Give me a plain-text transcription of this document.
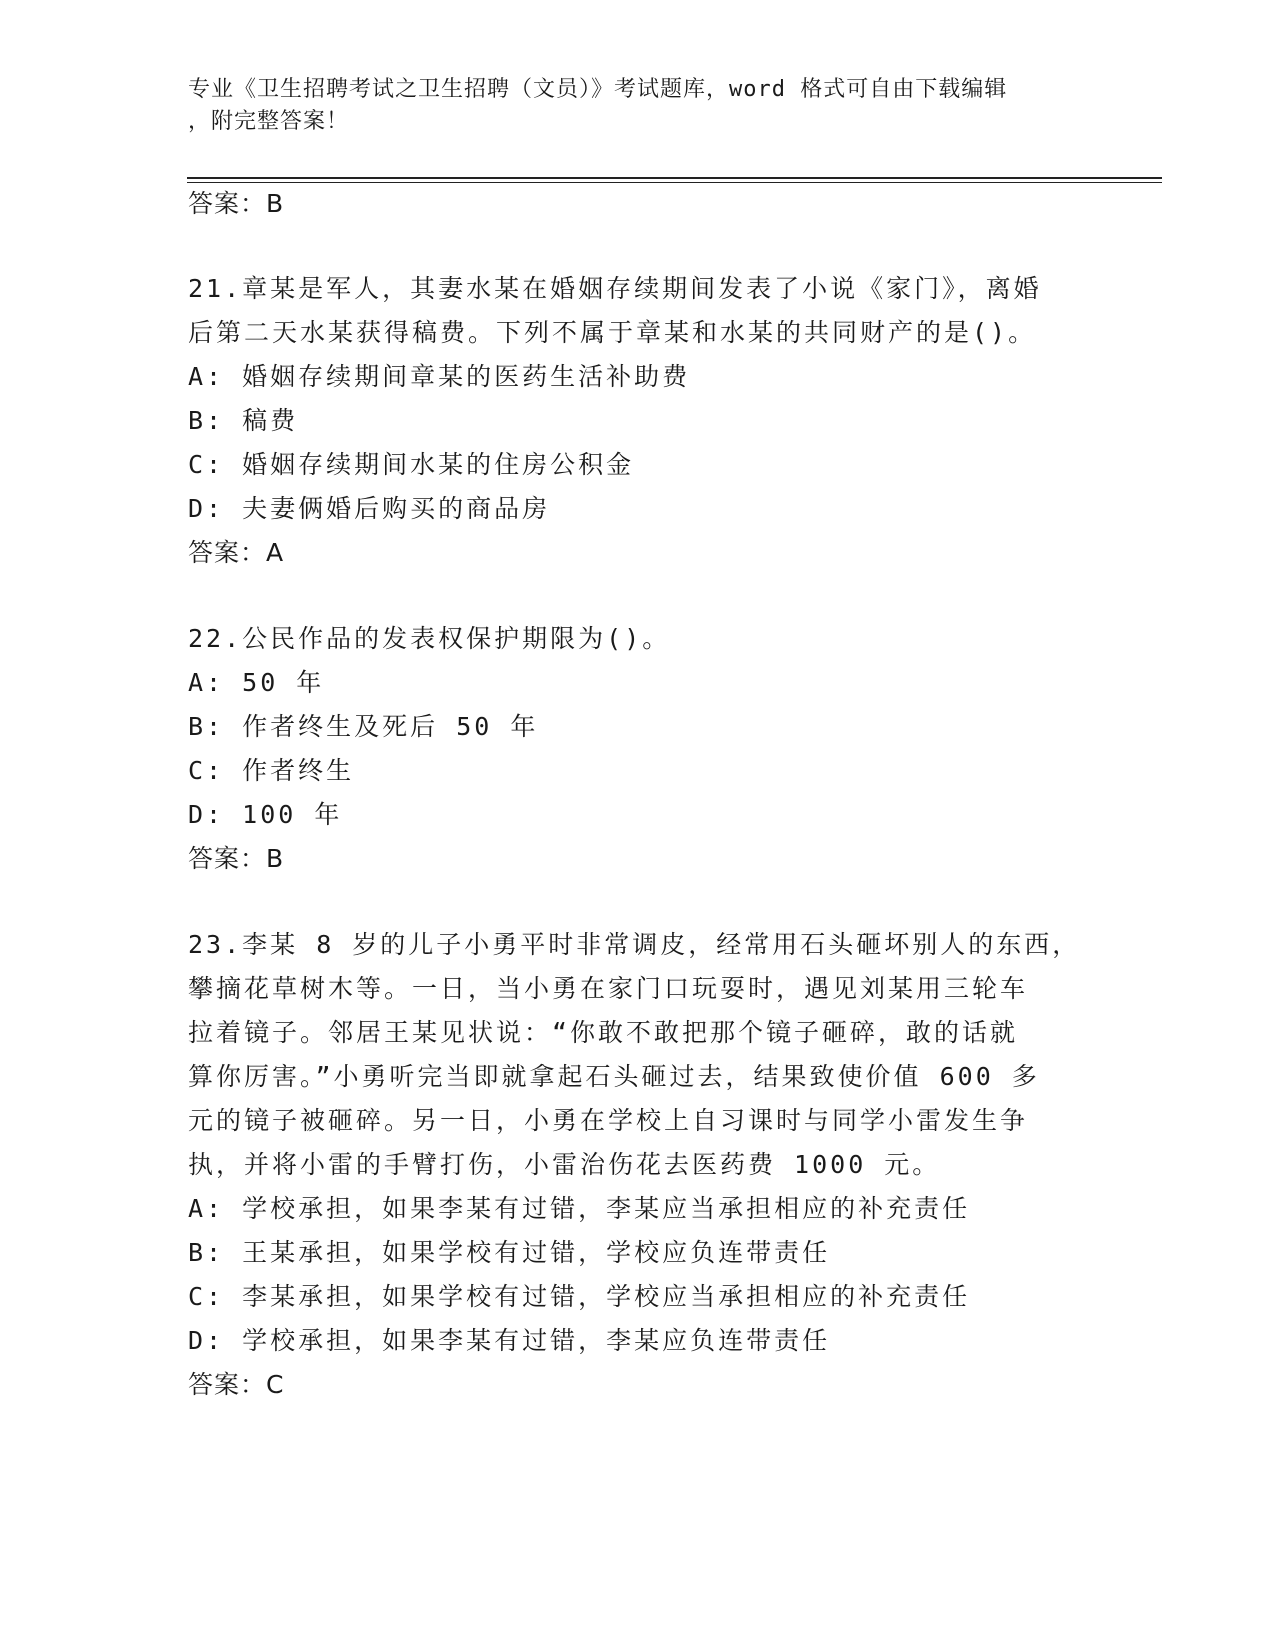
专业《卫生招聘考试之卫生招聘（文员）》考试题库，word 格式可自由下载编辑
，附完整答案！
答案：B
21.章某是军人，其妻水某在婚姻存续期间发表了小说《家门》，离婚
后第二天水某获得稿费。下列不属于章某和水某的共同财产的是()。
A: 婚姻存续期间章某的医药生活补助费
B: 稿费
C: 婚姻存续期间水某的住房公积金
D: 夫妻俩婚后购买的商品房
答案：A
22.公民作品的发表权保护期限为()。
A: 50 年
B: 作者终生及死后 50 年
C: 作者终生
D: 100 年
答案：B
23.李某 8 岁的儿子小勇平时非常调皮，经常用石头砸坏别人的东西，
攀摘花草树木等。一日，当小勇在家门口玩耍时，遇见刘某用三轮车
拉着镜子。邻居王某见状说：“你敢不敢把那个镜子砸碎，敢的话就
算你厉害。”小勇听完当即就拿起石头砸过去，结果致使价值 600 多
元的镜子被砸碎。另一日，小勇在学校上自习课时与同学小雷发生争
执，并将小雷的手臂打伤，小雷治伤花去医药费 1000 元。
A: 学校承担，如果李某有过错，李某应当承担相应的补充责任
B: 王某承担，如果学校有过错，学校应负连带责任
C: 李某承担，如果学校有过错，学校应当承担相应的补充责任
D: 学校承担，如果李某有过错，李某应负连带责任
答案：C
